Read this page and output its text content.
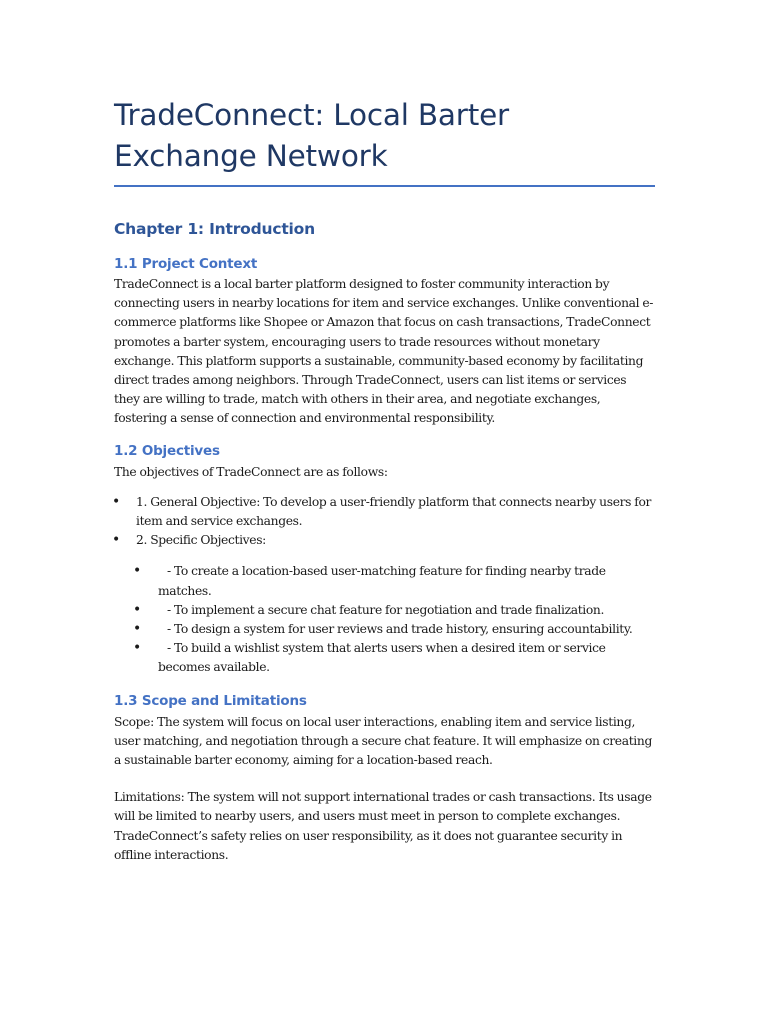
TradeConnect: Local Barter Exchange Network
Chapter 1: Introduction
1.1 Project Context

TradeConnect is a local barter platform designed to foster community interaction by connecting users in nearby locations for item and service exchanges. Unlike conventional e-commerce platforms like Shopee or Amazon that focus on cash transactions, TradeConnect promotes a barter system, encouraging users to trade resources without monetary exchange. This platform supports a sustainable, community-based economy by facilitating direct trades among neighbors. Through TradeConnect, users can list items or services they are willing to trade, match with others in their area, and negotiate exchanges, fostering a sense of connection and environmental responsibility.

1.2 Objectives

The objectives of TradeConnect are as follows:

• 1. General Objective: To develop a user-friendly platform that connects nearby users for item and service exchanges.
• 2. Specific Objectives:
• - To create a location-based user-matching feature for finding nearby trade matches.
• - To implement a secure chat feature for negotiation and trade finalization.
• - To design a system for user reviews and trade history, ensuring accountability.
• - To build a wishlist system that alerts users when a desired item or service becomes available.
1.3 Scope and Limitations

Scope: The system will focus on local user interactions, enabling item and service listing, user matching, and negotiation through a secure chat feature. It will emphasize on creating a sustainable barter economy, aiming for a location-based reach.

Limitations: The system will not support international trades or cash transactions. Its usage will be limited to nearby users, and users must meet in person to complete exchanges. TradeConnect’s safety relies on user responsibility, as it does not guarantee security in offline interactions.
